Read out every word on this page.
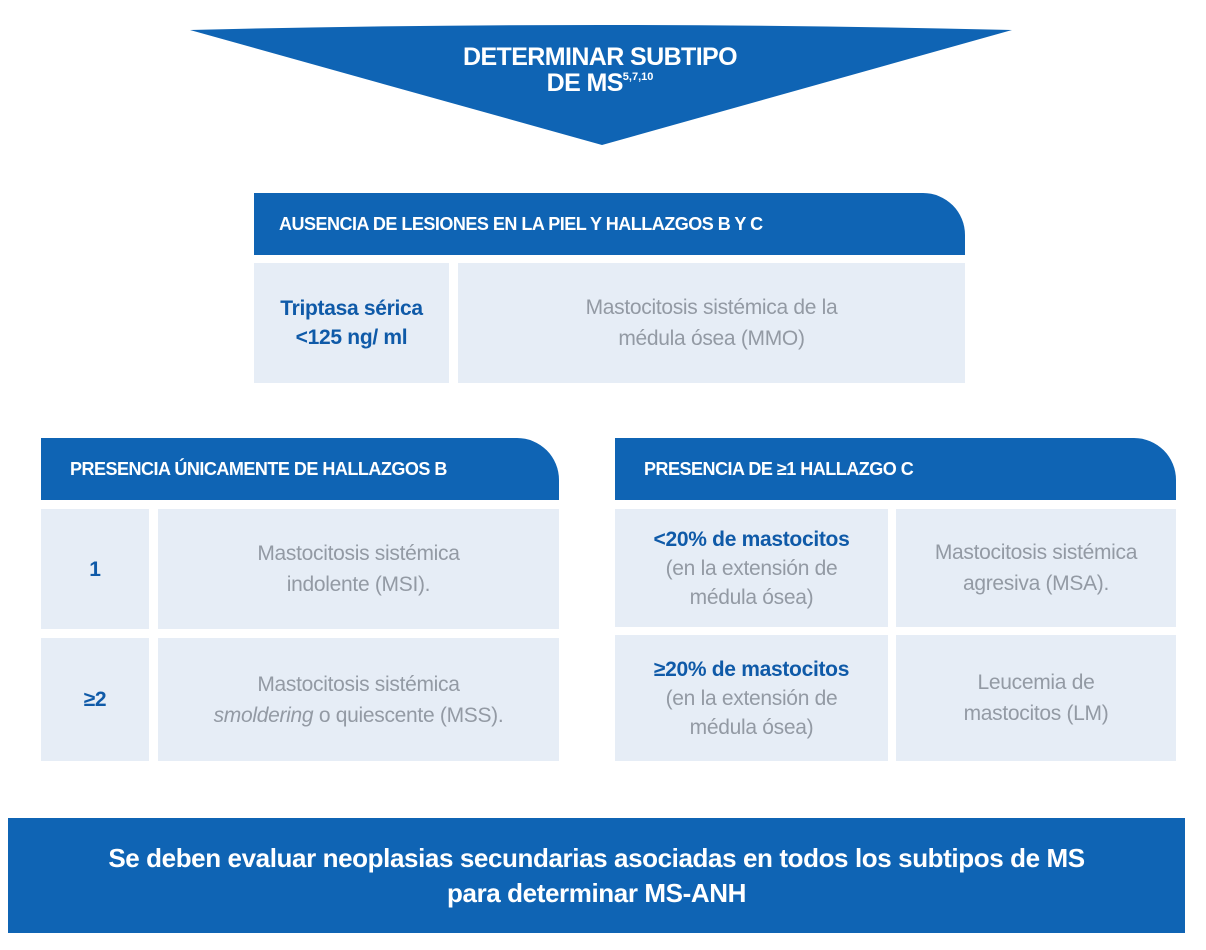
DETERMINAR SUBTIPO
DE MS$^{5,7,10}$
AUSENCIA DE LESIONES EN LA PIEL Y HALLAZGOS B Y C
Triptasa sérica
<125 ng/ ml
Mastocitosis sistémica de la
médula ósea (MMO)
PRESENCIA ÚNICAMENTE DE HALLAZGOS B
1
Mastocitosis sistémica
indolente (MSI).
≥2
Mastocitosis sistémica
smoldering o quiescente (MSS).
PRESENCIA DE ≥1 HALLAZGO C
<20% de mastocitos
(en la extensión de
médula ósea)
Mastocitosis sistémica
agresiva (MSA).
≥20% de mastocitos
(en la extensión de
médula ósea)
Leucemia de
mastocitos (LM)
Se deben evaluar neoplasias secundarias asociadas en todos los subtipos de MS
para determinar MS-ANH
